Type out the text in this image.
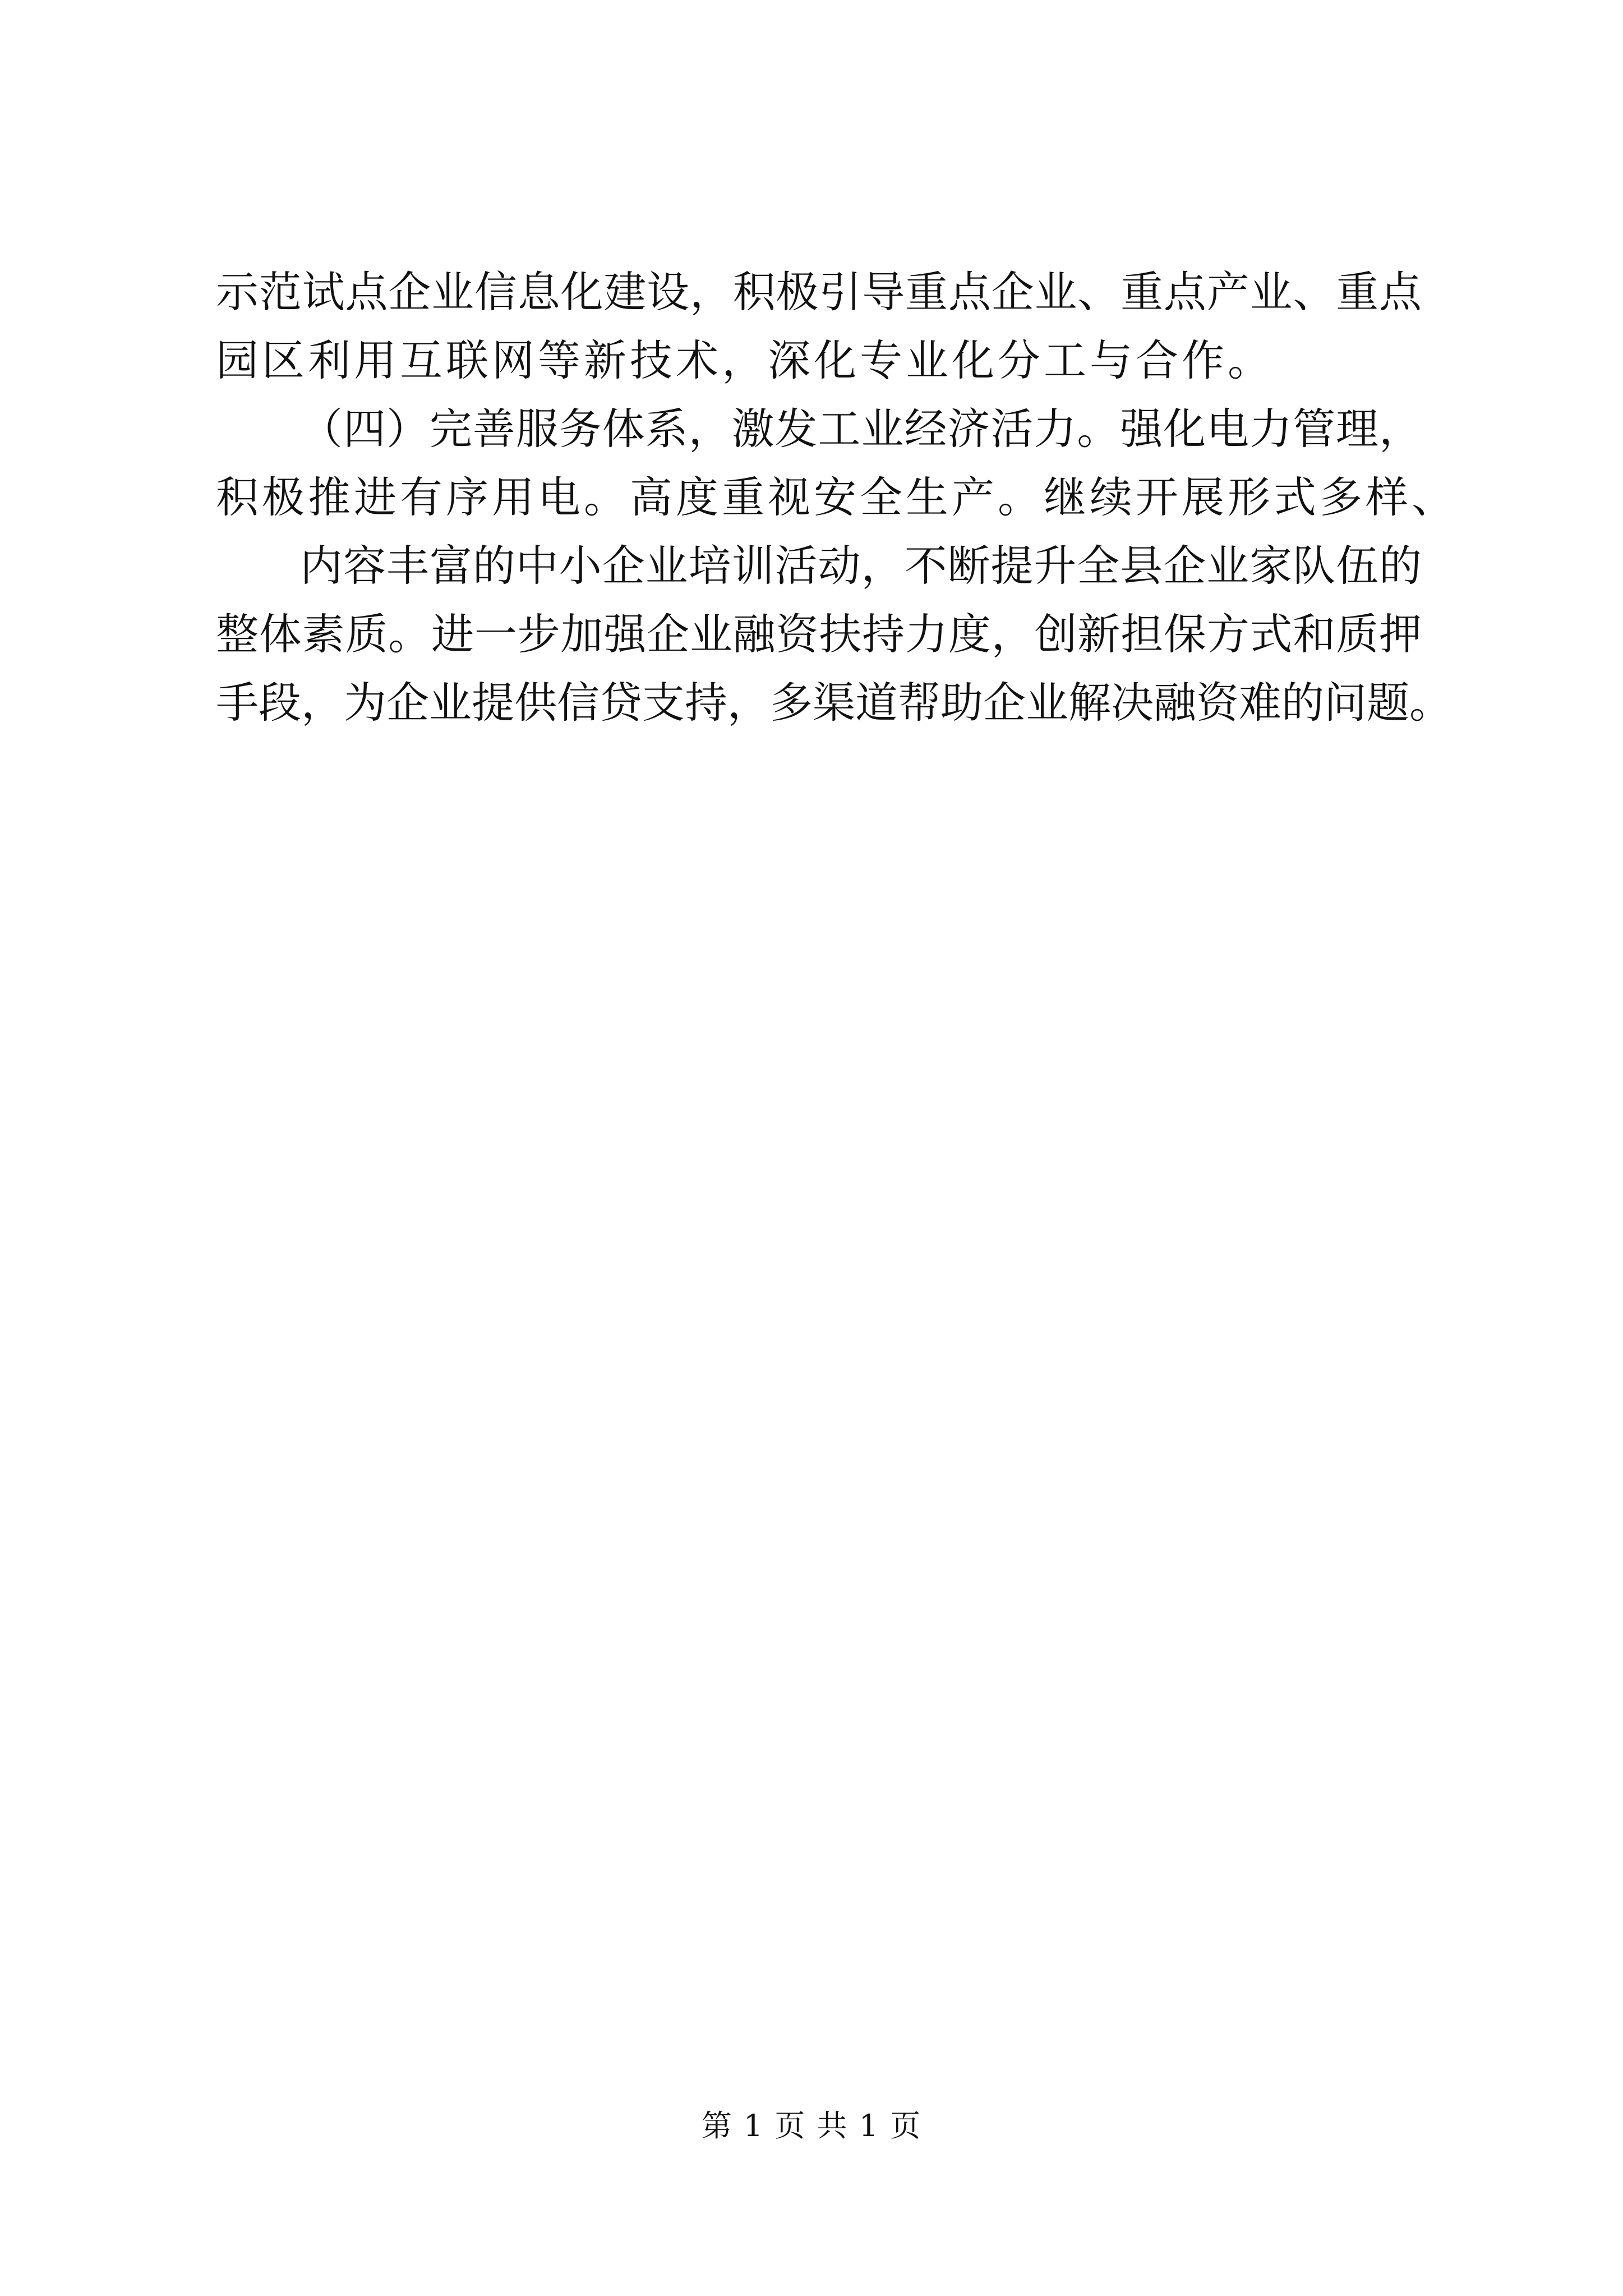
示范试点企业信息化建设，积极引导重点企业、重点产业、重点
园区利用互联网等新技术，深化专业化分工与合作。
（四）完善服务体系，激发工业经济活力。强化电力管理，
积极推进有序用电。高度重视安全生产。继续开展形式多样、
内容丰富的中小企业培训活动，不断提升全县企业家队伍的
整体素质。进一步加强企业融资扶持力度，创新担保方式和质押
手段，为企业提供信贷支持，多渠道帮助企业解决融资难的问题。
第 1 页 共 1 页
